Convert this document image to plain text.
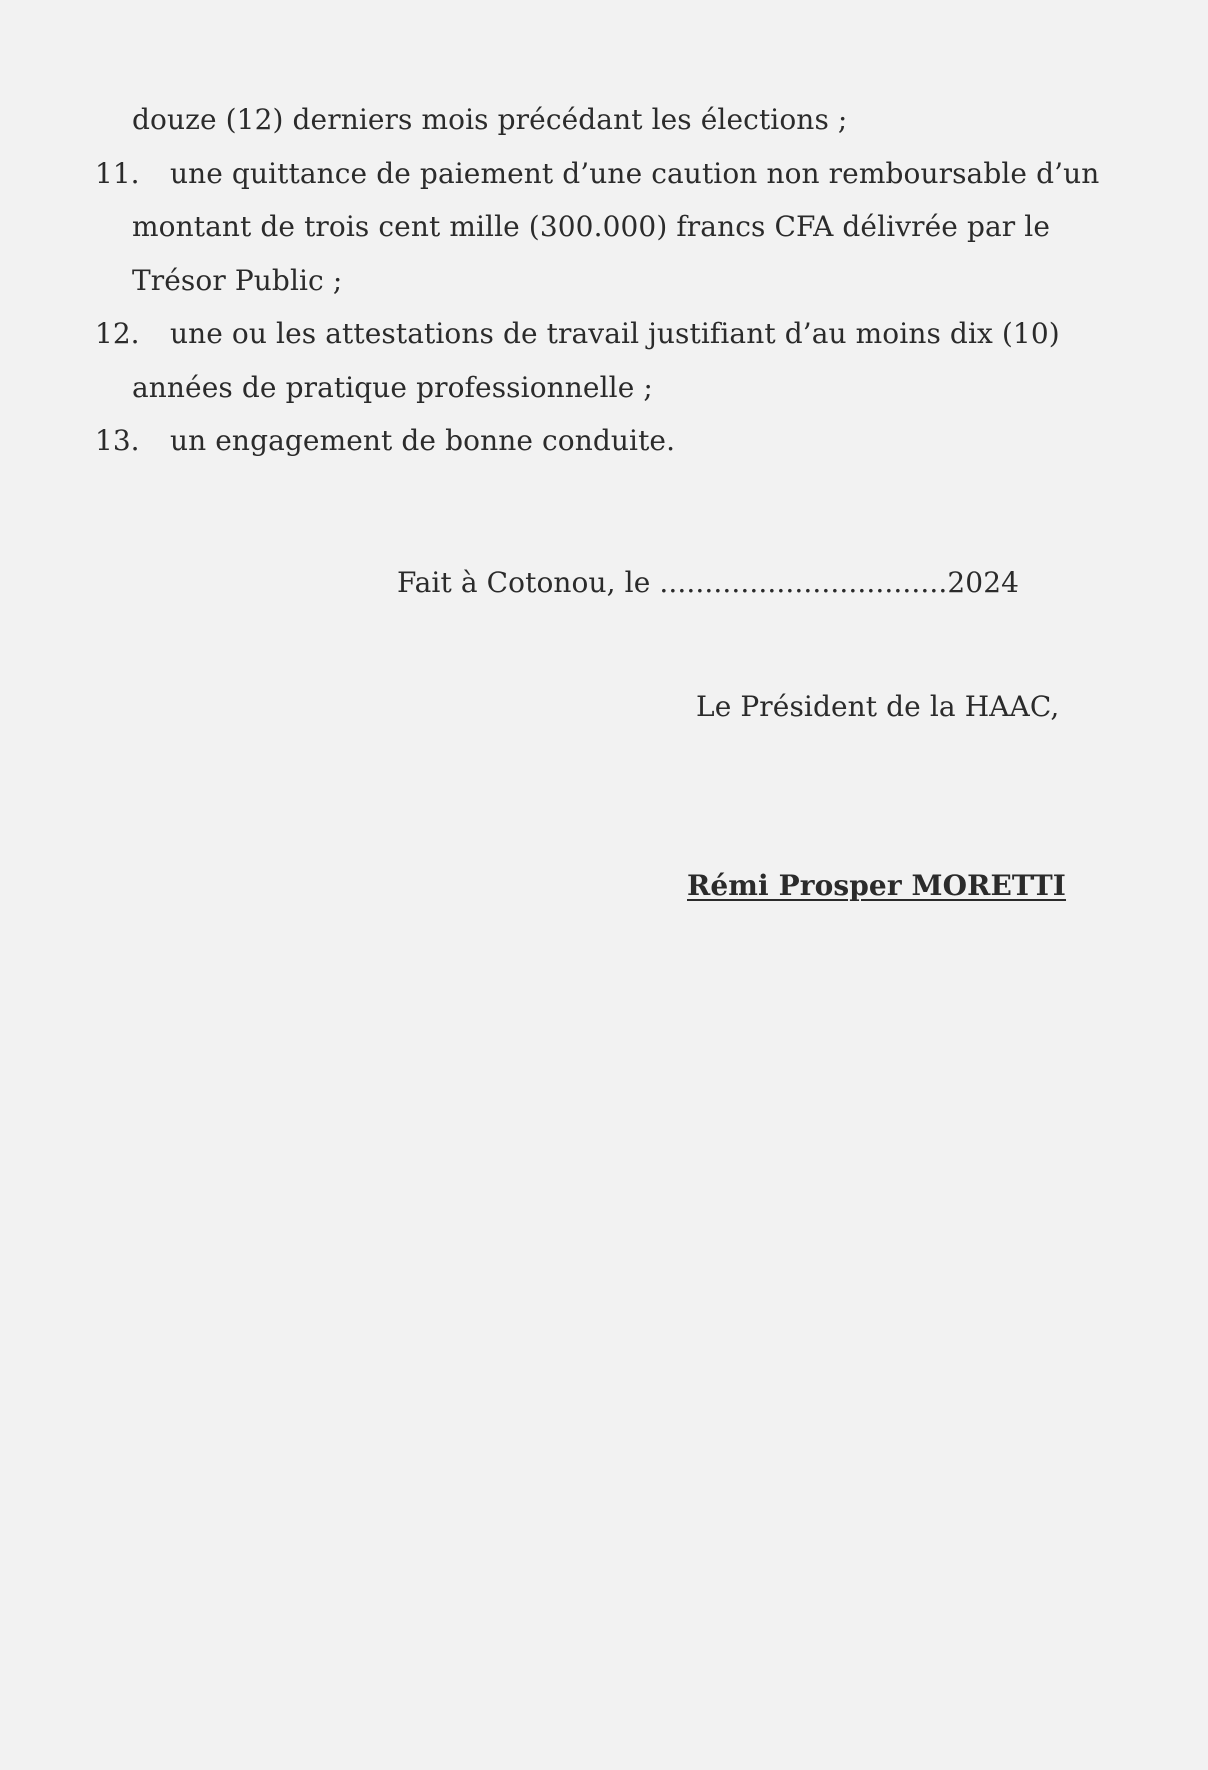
douze (12) derniers mois précédant les élections ;
11. une quittance de paiement d’une caution non remboursable d’un
montant de trois cent mille (300.000) francs CFA délivrée par le
Trésor Public ;
12. une ou les attestations de travail justifiant d’au moins dix (10)
années de pratique professionnelle ;
13. un engagement de bonne conduite.
Fait à Cotonou, le ................................2024
Le Président de la HAAC,
Rémi Prosper MORETTI
